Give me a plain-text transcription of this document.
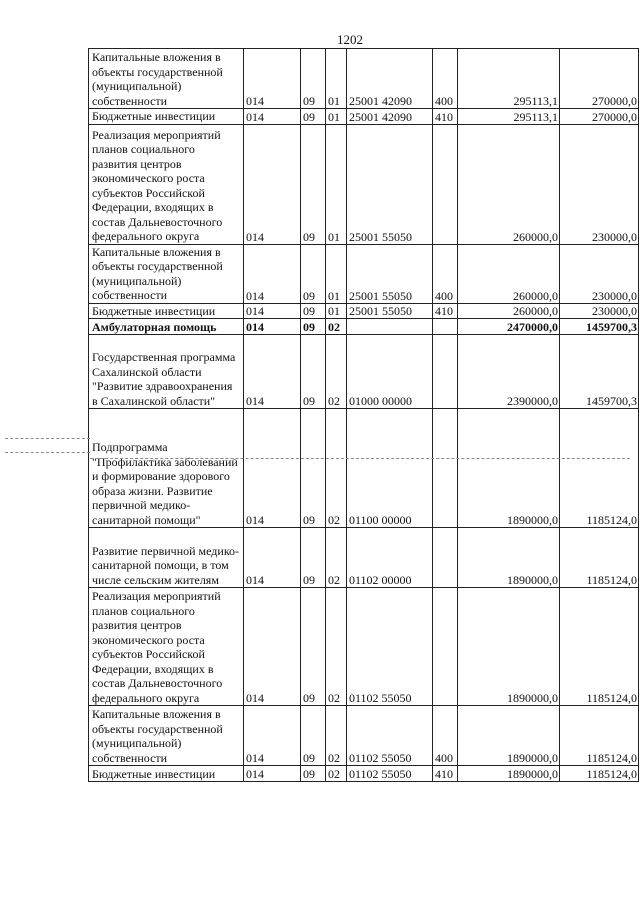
1202
Капитальные вложения в объекты государственной (муниципальной) собственности	014	09	01	25001 42090	400	295113,1	270000,0
Бюджетные инвестиции	014	09	01	25001 42090	410	295113,1	270000,0
Реализация мероприятий планов социального развития центров экономического роста субъектов Российской Федерации, входящих в состав Дальневосточного федерального округа	014	09	01	25001 55050		260000,0	230000,0
Капитальные вложения в объекты государственной (муниципальной) собственности	014	09	01	25001 55050	400	260000,0	230000,0
Бюджетные инвестиции	014	09	01	25001 55050	410	260000,0	230000,0
Амбулаторная помощь	014	09	02			2470000,0	1459700,3
Государственная программа Сахалинской области "Развитие здравоохранения в Сахалинской области"	014	09	02	01000 00000		2390000,0	1459700,3
Подпрограмма "Профилактика заболеваний и формирование здорового образа жизни. Развитие первичной медико-санитарной помощи"	014	09	02	01100 00000		1890000,0	1185124,0
Развитие первичной медико-санитарной помощи, в том числе сельским жителям	014	09	02	01102 00000		1890000,0	1185124,0
Реализация мероприятий планов социального развития центров экономического роста субъектов Российской Федерации, входящих в состав Дальневосточного федерального округа	014	09	02	01102 55050		1890000,0	1185124,0
Капитальные вложения в объекты государственной (муниципальной) собственности	014	09	02	01102 55050	400	1890000,0	1185124,0
Бюджетные инвестиции	014	09	02	01102 55050	410	1890000,0	1185124,0
